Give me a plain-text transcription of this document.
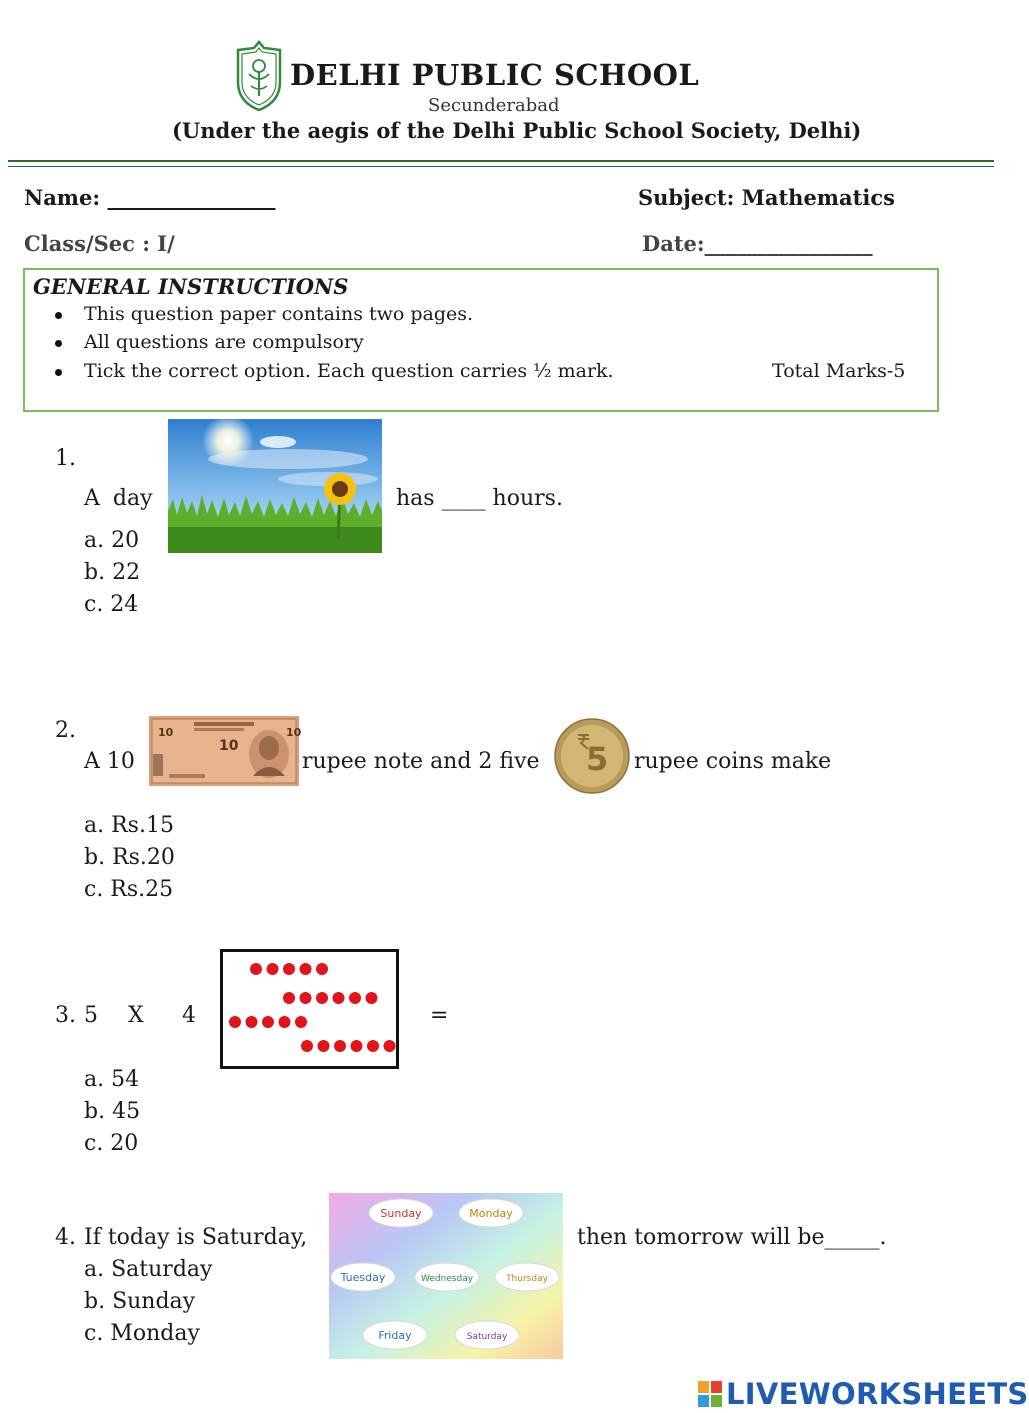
DELHI PUBLIC SCHOOL
Secunderabad
(Under the aegis of the Delhi Public School Society, Delhi)
Name: ________________	Subject: Mathematics
Class/Sec : I/	Date:________________
GENERAL INSTRUCTIONS
This question paper contains two pages.
All questions are compulsory
Tick the correct option. Each question carries ½ mark.	Total Marks-5
1.
A day	has ____ hours.
a. 20
b. 22
c. 24
2.
A 10
10
10	10
rupee note and 2 five 5 rupee coins make
a. Rs.15
b. Rs.20
c. Rs.25
3. 5 X 4	=
a. 54
b. 45
c. 20
4. If today is Saturday,
Sunday	Monday
Tuesday	Wednesday	Thursday
Friday	Saturday
then tomorrow will be_____.
a. Saturday
b. Sunday
c. Monday
LIVEWORKSHEETS
